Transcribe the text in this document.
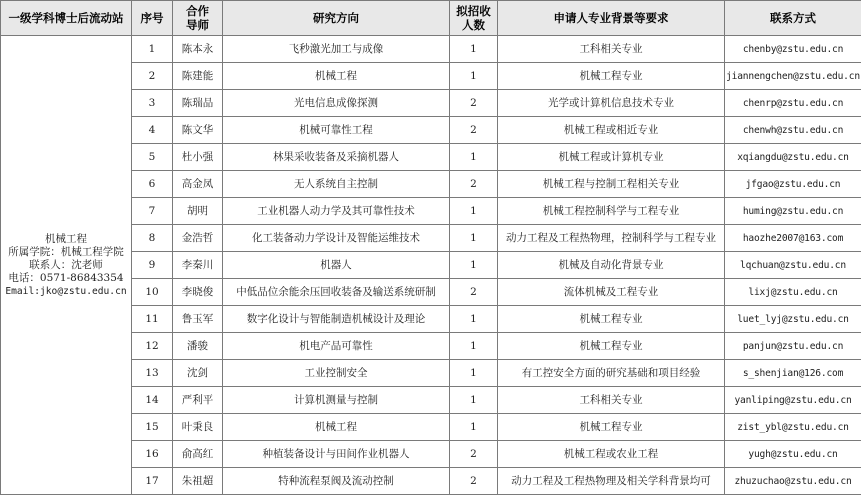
一级学科博士后流动站	序号	合作导师	研究方向	拟招收人数	申请人专业背景等要求	联系方式

机械工程
所属学院：机械工程学院
联系人：沈老师
电话：0571-86843354
Email:jko@zstu.edu.cn	1	陈本永	飞秒激光加工与成像	1	工科相关专业	chenby@zstu.edu.cn
	2	陈建能	机械工程	1	机械工程专业	jiannengchen@zstu.edu.cn
	3	陈瑞品	光电信息成像探测	2	光学或计算机信息技术专业	chenrp@zstu.edu.cn
	4	陈文华	机械可靠性工程	2	机械工程或相近专业	chenwh@zstu.edu.cn
	5	杜小强	林果采收装备及采摘机器人	1	机械工程或计算机专业	xqiangdu@zstu.edu.cn
	6	高金凤	无人系统自主控制	2	机械工程与控制工程相关专业	jfgao@zstu.edu.cn
	7	胡明	工业机器人动力学及其可靠性技术	1	机械工程控制科学与工程专业	huming@zstu.edu.cn
	8	金浩哲	化工装备动力学设计及智能运维技术	1	动力工程及工程热物理，控制科学与工程专业	haozhe2007@163.com
	9	李秦川	机器人	1	机械及自动化背景专业	lqchuan@zstu.edu.cn
	10	李晓俊	中低品位余能余压回收装备及输送系统研制	2	流体机械及工程专业	lixj@zstu.edu.cn
	11	鲁玉军	数字化设计与智能制造机械设计及理论	1	机械工程专业	luet_lyj@zstu.edu.cn
	12	潘骏	机电产品可靠性	1	机械工程专业	panjun@zstu.edu.cn
	13	沈剑	工业控制安全	1	有工控安全方面的研究基础和项目经验	s_shenjian@126.com
	14	严利平	计算机测量与控制	1	工科相关专业	yanliping@zstu.edu.cn
	15	叶秉良	机械工程	1	机械工程专业	zist_ybl@zstu.edu.cn
	16	俞高红	种植装备设计与田间作业机器人	2	机械工程或农业工程	yugh@zstu.edu.cn
	17	朱祖超	特种流程泵阀及流动控制	2	动力工程及工程热物理及相关学科背景均可	zhuzuchao@zstu.edu.cn
